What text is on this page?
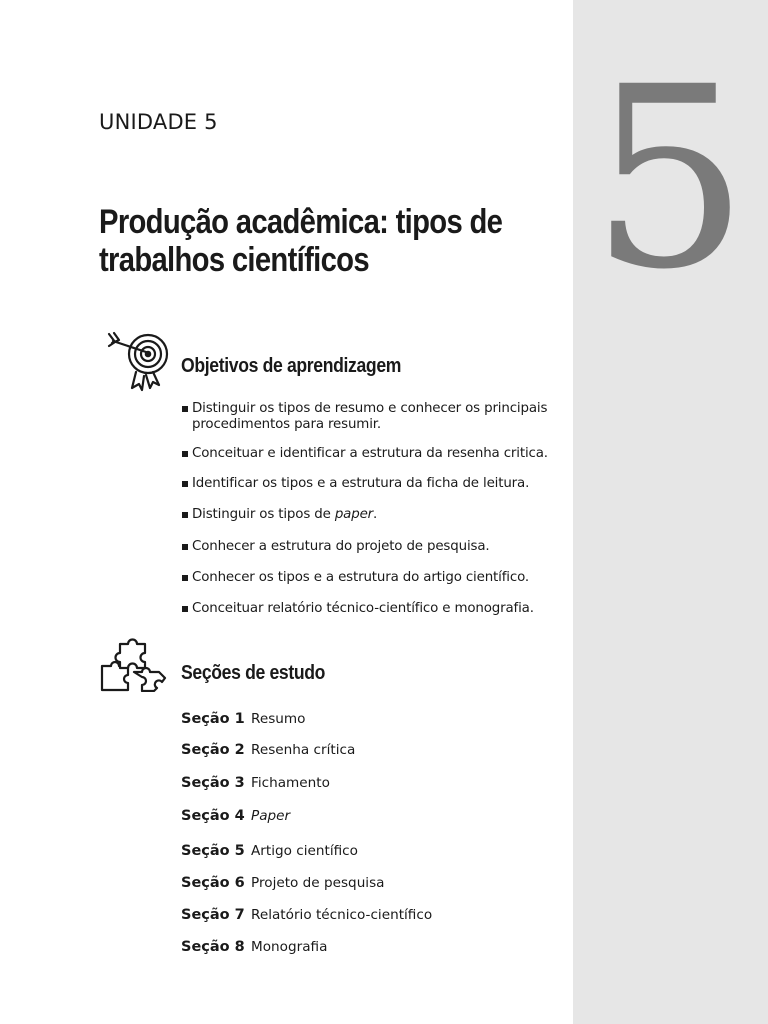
5
UNIDADE 5
Produção acadêmica: tipos de
trabalhos científicos
Objetivos de aprendizagem
Distinguir os tipos de resumo e conhecer os principais
procedimentos para resumir.
Conceituar e identificar a estrutura da resenha critica.
Identificar os tipos e a estrutura da ficha de leitura.
Distinguir os tipos de paper.
Conhecer a estrutura do projeto de pesquisa.
Conhecer os tipos e a estrutura do artigo científico.
Conceituar relatório técnico-científico e monografia.
Seções de estudo
Seção 1 Resumo
Seção 2 Resenha crítica
Seção 3 Fichamento
Seção 4 Paper
Seção 5 Artigo científico
Seção 6 Projeto de pesquisa
Seção 7 Relatório técnico-científico
Seção 8 Monografia
